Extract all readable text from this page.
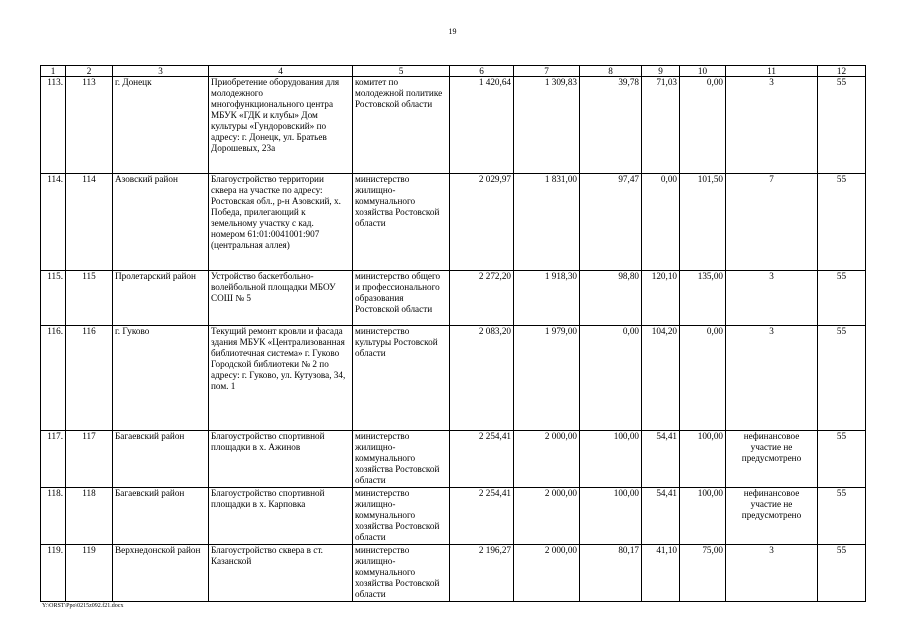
19
1	2	3	4	5	6	7	8	9	10	11	12
113.	113	г. Донецк	Приобретение оборудования для молодежного многофункционального центра МБУК «ГДК и клубы» Дом культуры «Гундоровский» по адресу: г. Донецк, ул. Братьев Дорошевых, 23а	комитет по молодежной политике Ростовской области	1 420,64	1 309,83	39,78	71,03	0,00	3	55
114.	114	Азовский район	Благоустройство территории сквера на участке по адресу: Ростовская обл., р-н Азовский, х. Победа, прилегающий к земельному участку с кад. номером 61:01:0041001:907 (центральная аллея)	министерство жилищно-коммунального хозяйства Ростовской области	2 029,97	1 831,00	97,47	0,00	101,50	7	55
115.	115	Пролетарский район	Устройство баскетбольно-волейбольной площадки МБОУ СОШ № 5	министерство общего и профессионального образования Ростовской области	2 272,20	1 918,30	98,80	120,10	135,00	3	55
116.	116	г. Гуково	Текущий ремонт кровли и фасада здания МБУК «Централизованная библиотечная система» г. Гуково Городской библиотеки № 2 по адресу: г. Гуково, ул. Кутузова, 34, пом. 1	министерство культуры Ростовской области	2 083,20	1 979,00	0,00	104,20	0,00	3	55
117.	117	Багаевский район	Благоустройство спортивной площадки в х. Ажинов	министерство жилищно-коммунального хозяйства Ростовской области	2 254,41	2 000,00	100,00	54,41	100,00	нефинансовое участие не предусмотрено	55
118.	118	Багаевский район	Благоустройство спортивной площадки в х. Карповка	министерство жилищно-коммунального хозяйства Ростовской области	2 254,41	2 000,00	100,00	54,41	100,00	нефинансовое участие не предусмотрено	55
119.	119	Верхнедонской район	Благоустройство сквера в ст. Казанской	министерство жилищно-коммунального хозяйства Ростовской области	2 196,27	2 000,00	80,17	41,10	75,00	3	55
Y:\ORST\Ppo\0215z092.f21.docx
